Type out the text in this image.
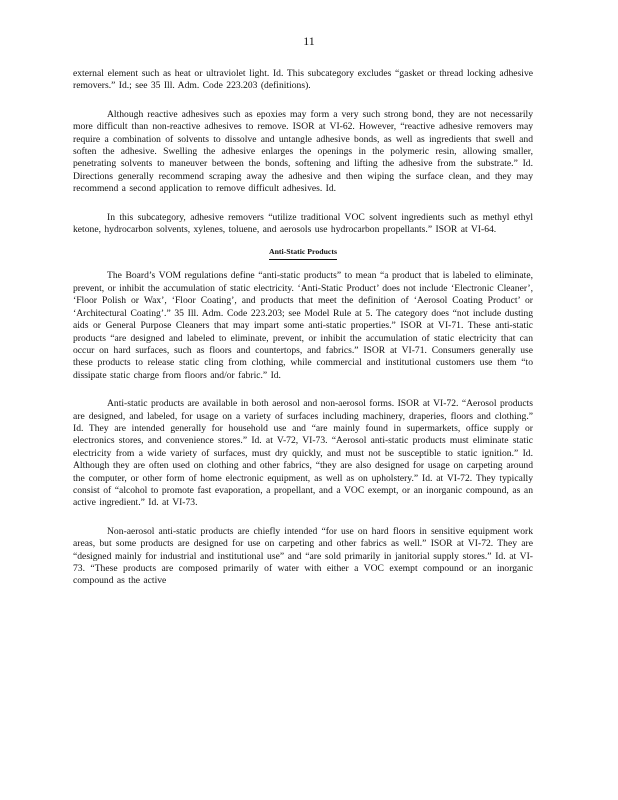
11

external element such as heat or ultraviolet light. Id. This subcategory excludes “gasket or thread locking adhesive removers.” Id.; see 35 Ill. Adm. Code 223.203 (definitions).

Although reactive adhesives such as epoxies may form a very such strong bond, they are not necessarily more difficult than non-reactive adhesives to remove. ISOR at VI-62. However, “reactive adhesive removers may require a combination of solvents to dissolve and untangle adhesive bonds, as well as ingredients that swell and soften the adhesive. Swelling the adhesive enlarges the openings in the polymeric resin, allowing smaller, penetrating solvents to maneuver between the bonds, softening and lifting the adhesive from the substrate.” Id. Directions generally recommend scraping away the adhesive and then wiping the surface clean, and they may recommend a second application to remove difficult adhesives. Id.

In this subcategory, adhesive removers “utilize traditional VOC solvent ingredients such as methyl ethyl ketone, hydrocarbon solvents, xylenes, toluene, and aerosols use hydrocarbon propellants.” ISOR at VI-64.

Anti-Static Products

The Board’s VOM regulations define “anti-static products” to mean “a product that is labeled to eliminate, prevent, or inhibit the accumulation of static electricity. ‘Anti-Static Product’ does not include ‘Electronic Cleaner’, ‘Floor Polish or Wax’, ‘Floor Coating’, and products that meet the definition of ‘Aerosol Coating Product’ or ‘Architectural Coating’.” 35 Ill. Adm. Code 223.203; see Model Rule at 5. The category does “not include dusting aids or General Purpose Cleaners that may impart some anti-static properties.” ISOR at VI-71. These anti-static products “are designed and labeled to eliminate, prevent, or inhibit the accumulation of static electricity that can occur on hard surfaces, such as floors and countertops, and fabrics.” ISOR at VI-71. Consumers generally use these products to release static cling from clothing, while commercial and institutional customers use them “to dissipate static charge from floors and/or fabric.” Id.

Anti-static products are available in both aerosol and non-aerosol forms. ISOR at VI-72. “Aerosol products are designed, and labeled, for usage on a variety of surfaces including machinery, draperies, floors and clothing.” Id. They are intended generally for household use and “are mainly found in supermarkets, office supply or electronics stores, and convenience stores.” Id. at V-72, VI-73. “Aerosol anti-static products must eliminate static electricity from a wide variety of surfaces, must dry quickly, and must not be susceptible to static ignition.” Id. Although they are often used on clothing and other fabrics, “they are also designed for usage on carpeting around the computer, or other form of home electronic equipment, as well as on upholstery.” Id. at VI-72. They typically consist of “alcohol to promote fast evaporation, a propellant, and a VOC exempt, or an inorganic compound, as an active ingredient.” Id. at VI-73.

Non-aerosol anti-static products are chiefly intended “for use on hard floors in sensitive equipment work areas, but some products are designed for use on carpeting and other fabrics as well.” ISOR at VI-72. They are “designed mainly for industrial and institutional use” and “are sold primarily in janitorial supply stores.” Id. at VI-73. “These products are composed primarily of water with either a VOC exempt compound or an inorganic compound as the active
